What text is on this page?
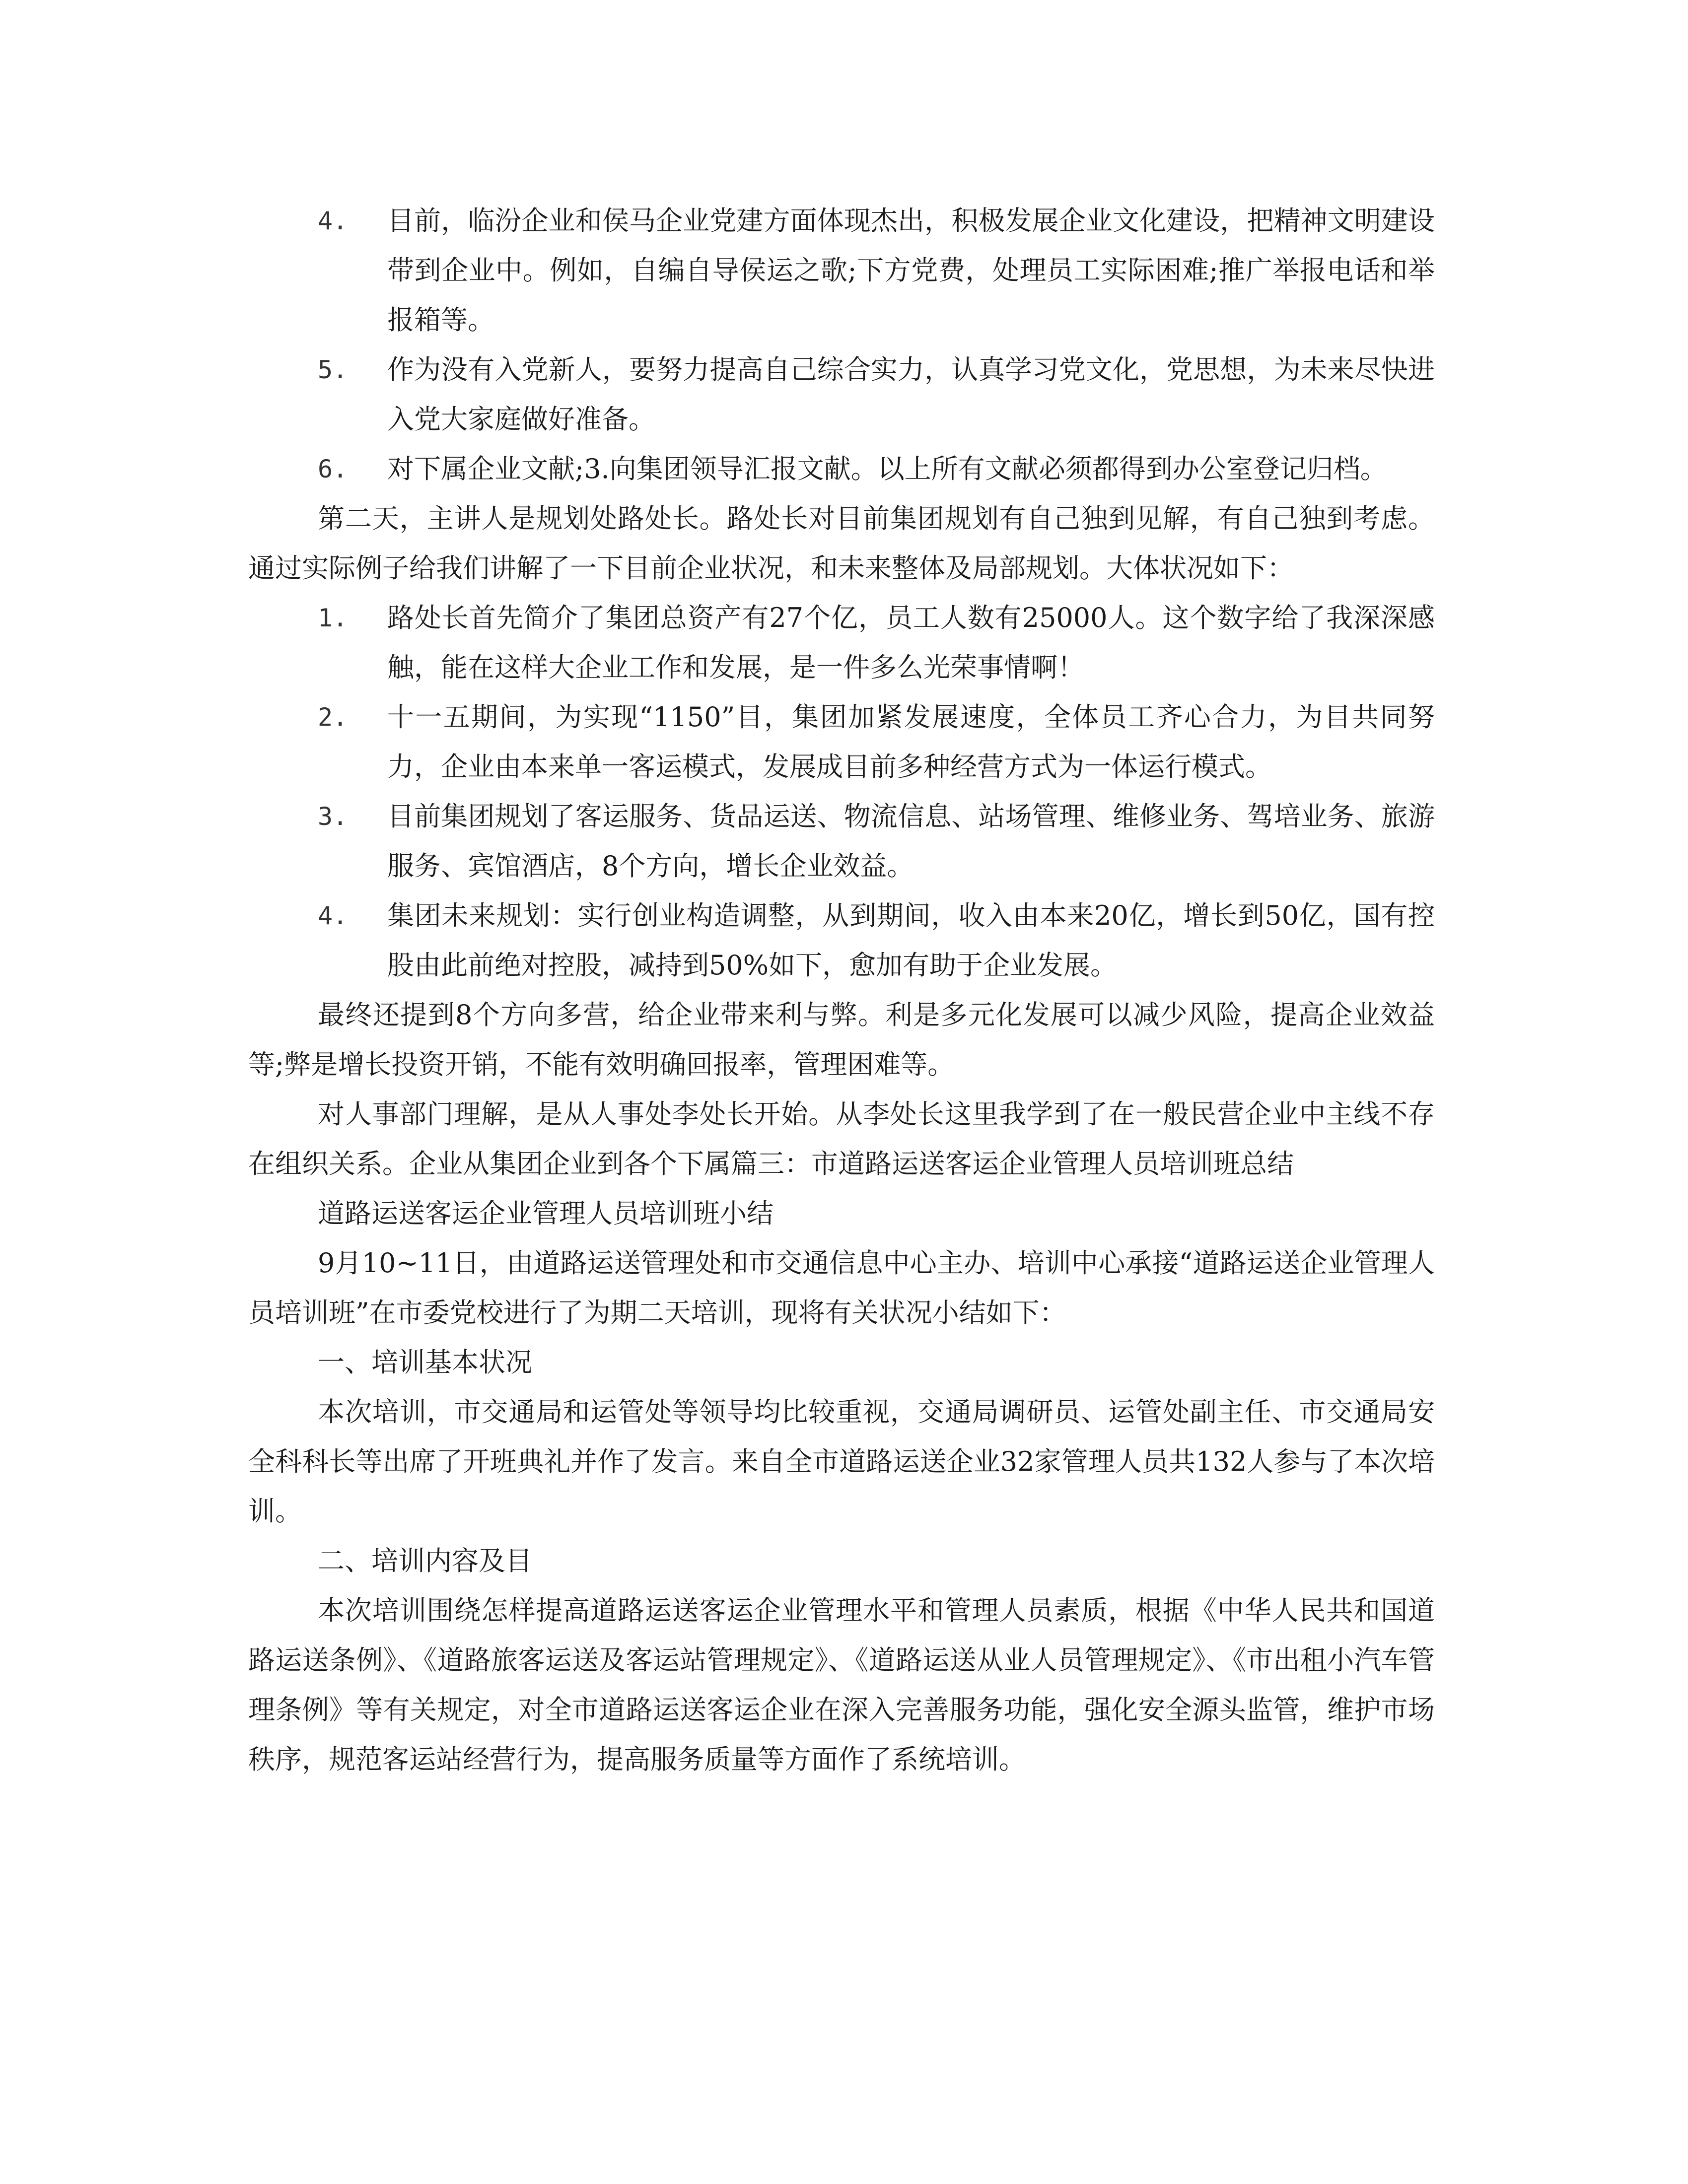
4. 目前，临汾企业和侯马企业党建方面体现杰出，积极发展企业文化建设，把精神文明建设带到企业中。例如，自编自导侯运之歌;下方党费，处理员工实际困难;推广举报电话和举报箱等。
5. 作为没有入党新人，要努力提高自己综合实力，认真学习党文化，党思想，为未来尽快进入党大家庭做好准备。
6. 对下属企业文献;3.向集团领导汇报文献。以上所有文献必须都得到办公室登记归档。

第二天，主讲人是规划处路处长。路处长对目前集团规划有自己独到见解，有自己独到考虑。通过实际例子给我们讲解了一下目前企业状况，和未来整体及局部规划。大体状况如下：

1. 路处长首先简介了集团总资产有27个亿，员工人数有25000人。这个数字给了我深深感触，能在这样大企业工作和发展，是一件多么光荣事情啊！
2. 十一五期间，为实现“1150”目，集团加紧发展速度，全体员工齐心合力，为目共同努力，企业由本来单一客运模式，发展成目前多种经营方式为一体运行模式。
3. 目前集团规划了客运服务、货品运送、物流信息、站场管理、维修业务、驾培业务、旅游服务、宾馆酒店，8个方向，增长企业效益。
4. 集团未来规划：实行创业构造调整，从到期间，收入由本来20亿，增长到50亿，国有控股由此前绝对控股，减持到50%如下，愈加有助于企业发展。

最终还提到8个方向多营，给企业带来利与弊。利是多元化发展可以减少风险，提高企业效益等;弊是增长投资开销，不能有效明确回报率，管理困难等。

对人事部门理解，是从人事处李处长开始。从李处长这里我学到了在一般民营企业中主线不存在组织关系。企业从集团企业到各个下属篇三：市道路运送客运企业管理人员培训班总结

道路运送客运企业管理人员培训班小结

9月10~11日，由道路运送管理处和市交通信息中心主办、培训中心承接“道路运送企业管理人员培训班”在市委党校进行了为期二天培训，现将有关状况小结如下：

一、培训基本状况

本次培训，市交通局和运管处等领导均比较重视，交通局调研员、运管处副主任、市交通局安全科科长等出席了开班典礼并作了发言。来自全市道路运送企业32家管理人员共132人参与了本次培训。

二、培训内容及目

本次培训围绕怎样提高道路运送客运企业管理水平和管理人员素质，根据《中华人民共和国道路运送条例》、《道路旅客运送及客运站管理规定》、《道路运送从业人员管理规定》、《市出租小汽车管理条例》等有关规定，对全市道路运送客运企业在深入完善服务功能，强化安全源头监管，维护市场秩序，规范客运站经营行为，提高服务质量等方面作了系统培训。
